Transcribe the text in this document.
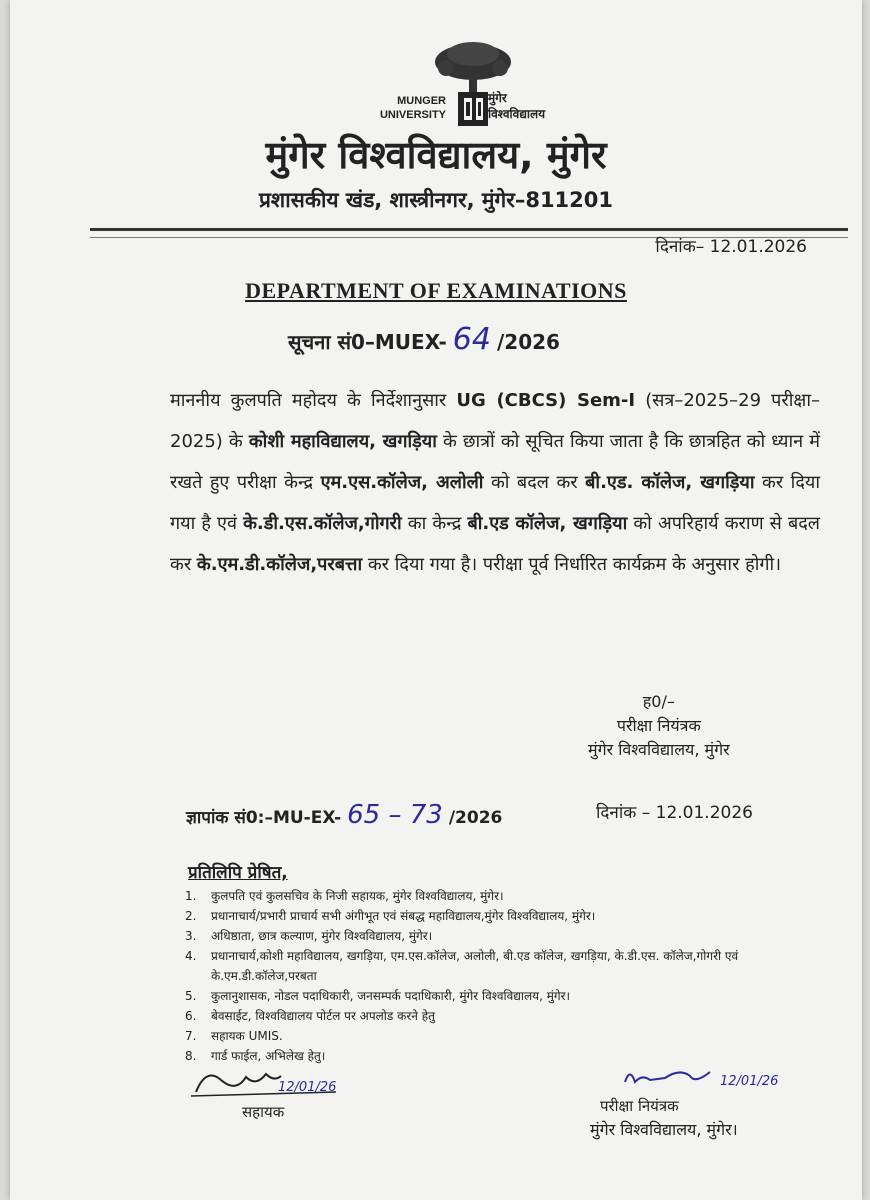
MUNGER UNIVERSITY
मुंगेर विश्वविद्यालय
मुंगेर विश्वविद्यालय, मुंगेर
प्रशासकीय खंड, शास्त्रीनगर, मुंगेर–811201
दिनांक– 12.01.2026
DEPARTMENT OF EXAMINATIONS
सूचना सं0–MUEX- 64 /2026
माननीय कुलपति महोदय के निर्देशानुसार UG (CBCS) Sem-I (सत्र–2025–29 परीक्षा– 2025) के कोशी महाविद्यालय, खगड़िया के छात्रों को सूचित किया जाता है कि छात्रहित को ध्यान में रखते हुए परीक्षा केन्द्र एम.एस.कॉलेज, अलोली को बदल कर बी.एड. कॉलेज, खगड़िया कर दिया गया है एवं के.डी.एस.कॉलेज,गोगरी का केन्द्र बी.एड कॉलेज, खगड़िया को अपरिहार्य कराण से बदल कर के.एम.डी.कॉलेज,परबत्ता कर दिया गया है। परीक्षा पूर्व निर्धारित कार्यक्रम के अनुसार होगी।
ह0/–
परीक्षा नियंत्रक
मुंगेर विश्वविद्यालय, मुंगेर
ज्ञापांक सं0:–MU-EX- 65 – 73 /2026	दिनांक – 12.01.2026
प्रतिलिपि प्रेषित,
1.	कुलपति एवं कुलसचिव के निजी सहायक, मुंगेर विश्वविद्यालय, मुंगेर।
2.	प्रधानाचार्य/प्रभारी प्राचार्य सभी अंगीभूत एवं संबद्ध महाविद्यालय,मुंगेर विश्वविद्यालय, मुंगेर।
3.	अधिष्ठाता, छात्र कल्याण, मुंगेर विश्वविद्यालय, मुंगेर।
4.	प्रधानाचार्य,कोशी महाविद्यालय, खगड़िया, एम.एस.कॉलेज, अलोली, बी.एड कॉलेज, खगड़िया, के.डी.एस. कॉलेज,गोगरी एवं के.एम.डी.कॉलेज,परबता
5.	कुलानुशासक, नोडल पदाधिकारी, जनसम्पर्क पदाधिकारी, मुंगेर विश्वविद्यालय, मुंगेर।
6.	बेवसाईट, विश्वविद्यालय पोर्टल पर अपलोड करने हेतु
7.	सहायक UMIS.
8.	गार्ड फाईल, अभिलेख हेतु।
12/01/26
सहायक
12/01/26
परीक्षा नियंत्रक
मुंगेर विश्वविद्यालय, मुंगेर।
